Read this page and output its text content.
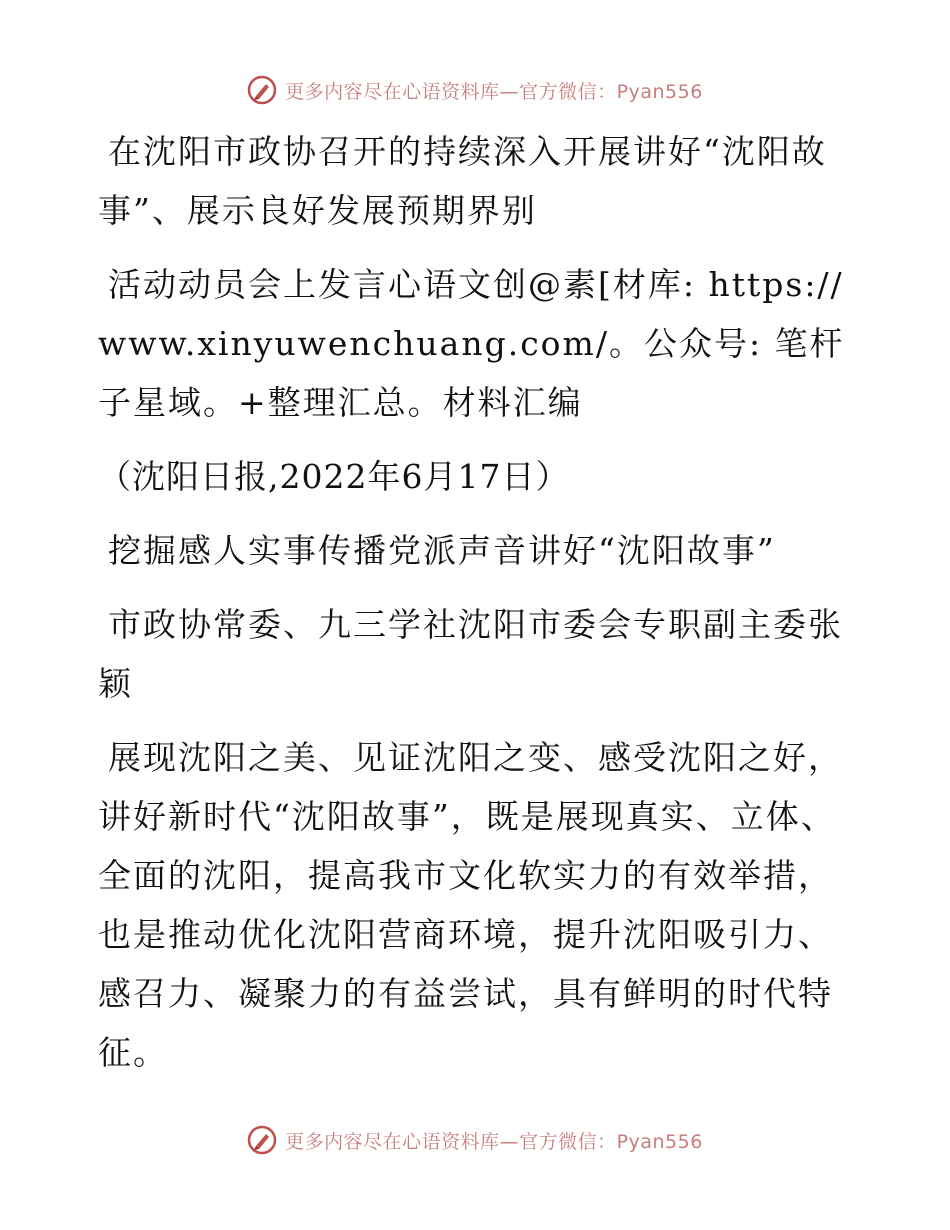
更多内容尽在心语资料库—官方微信：Pyan556

在沈阳市政协召开的持续深入开展讲好“沈阳故事”、展示良好发展预期界别

活动动员会上发言心语文创@素[材库: https://www.xinyuwenchuang.com/。公众号: 笔杆子星域。+整理汇总。材料汇编

（沈阳日报,2022年6月17日）

挖掘感人实事传播党派声音讲好“沈阳故事”

市政协常委、九三学社沈阳市委会专职副主委张颖

展现沈阳之美、见证沈阳之变、感受沈阳之好，讲好新时代“沈阳故事”，既是展现真实、立体、全面的沈阳，提高我市文化软实力的有效举措，也是推动优化沈阳营商环境，提升沈阳吸引力、感召力、凝聚力的有益尝试，具有鲜明的时代特征。

更多内容尽在心语资料库—官方微信：Pyan556
